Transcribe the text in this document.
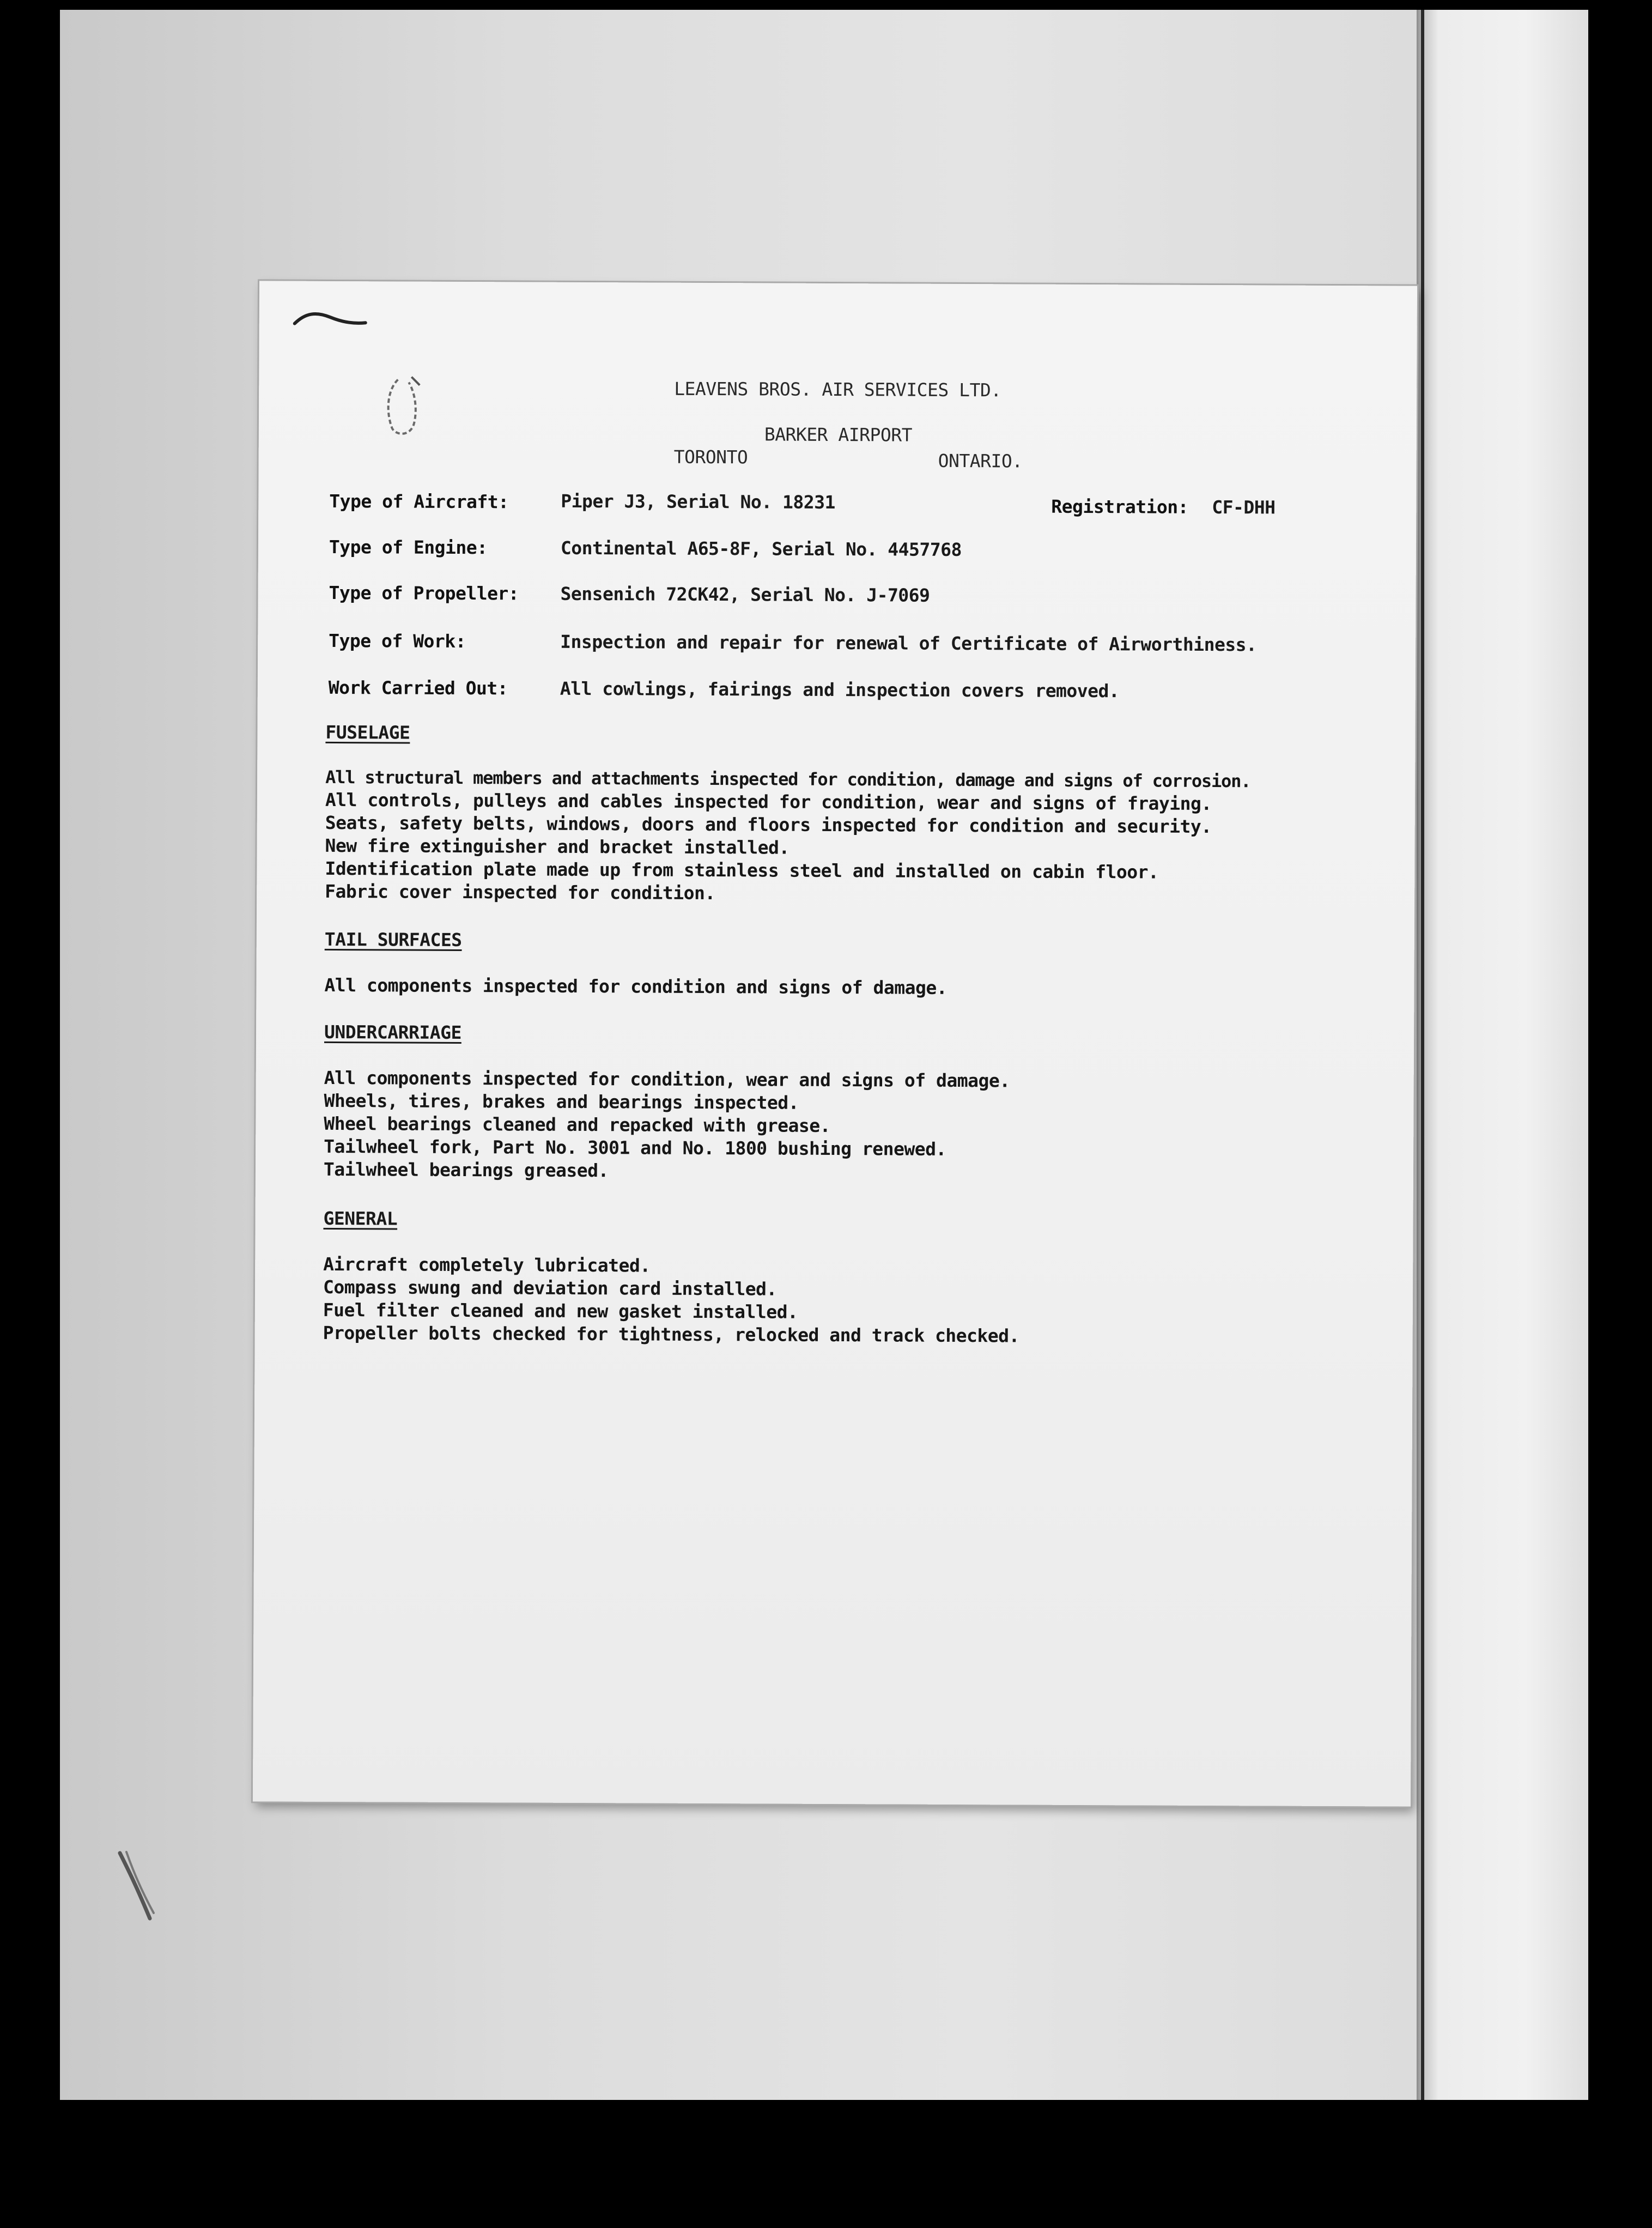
LEAVENS BROS. AIR SERVICES LTD.
BARKER AIRPORT
TORONTO	ONTARIO.
Type of Aircraft:	Piper J3, Serial No. 18231	Registration: CF-DHH
Type of Engine:	Continental A65-8F, Serial No. 4457768
Type of Propeller: Sensenich 72CK42, Serial No. J-7069
Type of Work:	Inspection and repair for renewal of Certificate of Airworthiness.
Work Carried Out:	All cowlings, fairings and inspection covers removed.
FUSELAGE
All structural members and attachments inspected for condition, damage and signs of corrosion.
All controls, pulleys and cables inspected for condition, wear and signs of fraying.
Seats, safety belts, windows, doors and floors inspected for condition and security.
New fire extinguisher and bracket installed.
Identification plate made up from stainless steel and installed on cabin floor.
Fabric cover inspected for condition.
TAIL SURFACES
All components inspected for condition and signs of damage.
UNDERCARRIAGE
All components inspected for condition, wear and signs of damage.
Wheels, tires, brakes and bearings inspected.
Wheel bearings cleaned and repacked with grease.
Tailwheel fork, Part No. 3001 and No. 1800 bushing renewed.
Tailwheel bearings greased.
GENERAL
Aircraft completely lubricated.
Compass swung and deviation card installed.
Fuel filter cleaned and new gasket installed.
Propeller bolts checked for tightness, relocked and track checked.
